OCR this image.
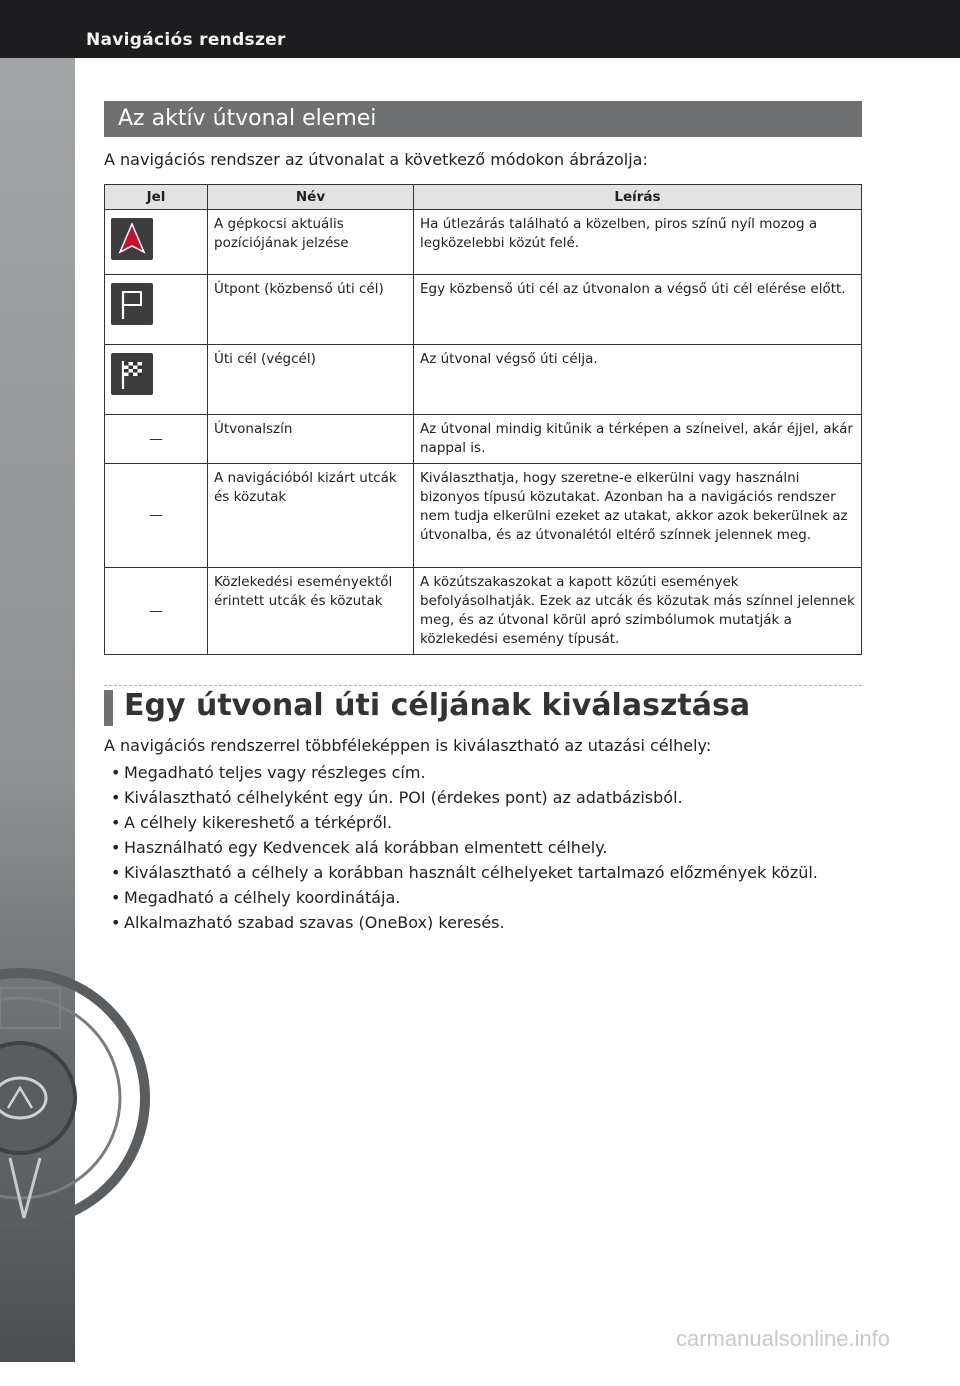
Navigációs rendszer
5-30
Az aktív útvonal elemei
A navigációs rendszer az útvonalat a következő módokon ábrázolja:
Jel	Név	Leírás

	A gépkocsi aktuális pozíciójának jelzése	Ha útlezárás található a közelben, piros színű nyíl mozog a legközelebbi közút felé.

	Útpont (közbenső úti cél)	Egy közbenső úti cél az útvonalon a végső úti cél elérése előtt.

	Úti cél (végcél)	Az útvonal végső úti célja.
—	Útvonalszín	Az útvonal mindig kitűnik a térképen a színeivel, akár éjjel, akár nappal is.
—	A navigációból kizárt utcák és közutak	Kiválaszthatja, hogy szeretne-e elkerülni vagy használni bizonyos típusú közutakat. Azonban ha a navigációs rendszer nem tudja elkerülni ezeket az utakat, akkor azok bekerülnek az útvonalba, és az útvonalétól eltérő színnek jelennek meg.
—	Közlekedési eseményektől érintett utcák és közutak	A közútszakaszokat a kapott közúti események befolyásolhatják. Ezek az utcák és közutak más színnel jelennek meg, és az útvonal körül apró szimbólumok mutatják a közlekedési esemény típusát.
Egy útvonal úti céljának kiválasztása
A navigációs rendszerrel többféleképpen is kiválasztható az utazási célhely:
• Megadható teljes vagy részleges cím.
• Kiválasztható célhelyként egy ún. POI (érdekes pont) az adatbázisból.
• A célhely kikereshető a térképről.
• Használható egy Kedvencek alá korábban elmentett célhely.
• Kiválasztható a célhely a korábban használt célhelyeket tartalmazó előzmények közül.
• Megadható a célhely koordinátája.
• Alkalmazható szabad szavas (OneBox) keresés.
carmanualsonline.info
